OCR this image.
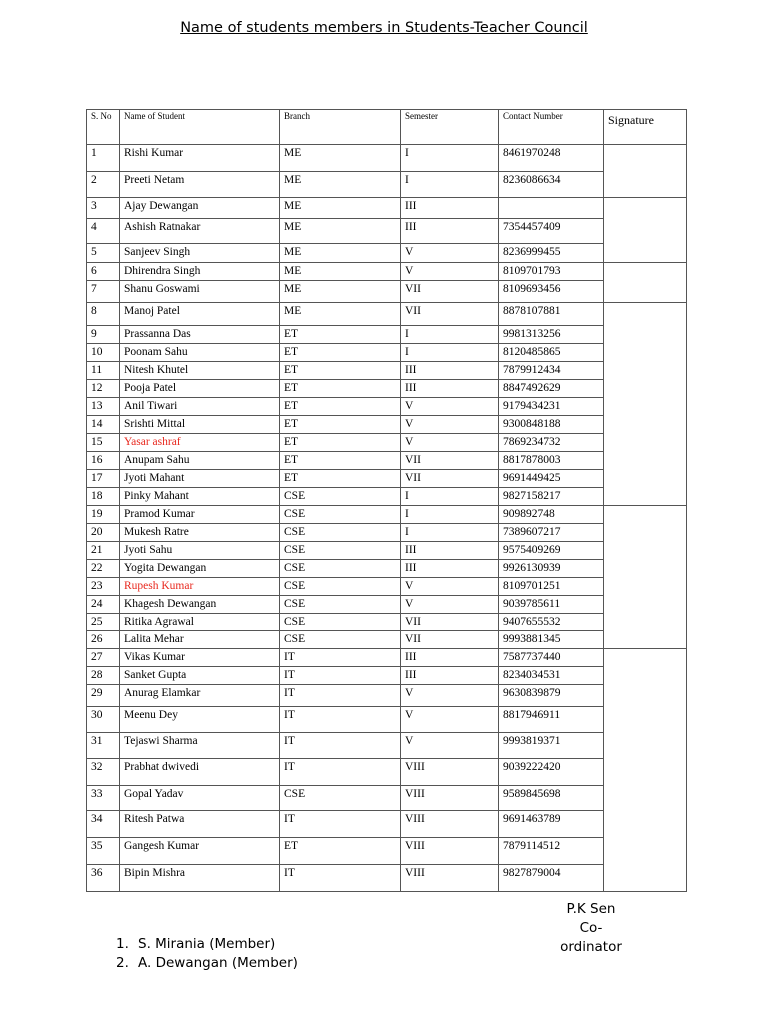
Name of students members in Students-Teacher Council
S. No	Name of Student	Branch	Semester	Contact Number	Signature
1	Rishi Kumar	ME	I	8461970248	
2	Preeti Netam	ME	I	8236086634	
3	Ajay Dewangan	ME	III		
4	Ashish Ratnakar	ME	III	7354457409	
5	Sanjeev Singh	ME	V	8236999455	
6	Dhirendra Singh	ME	V	8109701793	
7	Shanu Goswami	ME	VII	8109693456	
8	Manoj Patel	ME	VII	8878107881	
9	Prassanna Das	ET	I	9981313256	
10	Poonam Sahu	ET	I	8120485865	
11	Nitesh Khutel	ET	III	7879912434	
12	Pooja Patel	ET	III	8847492629	
13	Anil Tiwari	ET	V	9179434231	
14	Srishti Mittal	ET	V	9300848188	
15	Yasar ashraf	ET	V	7869234732	
16	Anupam Sahu	ET	VII	8817878003	
17	Jyoti Mahant	ET	VII	9691449425	
18	Pinky Mahant	CSE	I	9827158217	
19	Pramod Kumar	CSE	I	909892748	
20	Mukesh Ratre	CSE	I	7389607217	
21	Jyoti Sahu	CSE	III	9575409269	
22	Yogita Dewangan	CSE	III	9926130939	
23	Rupesh Kumar	CSE	V	8109701251	
24	Khagesh Dewangan	CSE	V	9039785611	
25	Ritika Agrawal	CSE	VII	9407655532	
26	Lalita Mehar	CSE	VII	9993881345	
27	Vikas Kumar	IT	III	7587737440	
28	Sanket Gupta	IT	III	8234034531	
29	Anurag Elamkar	IT	V	9630839879	
30	Meenu Dey	IT	V	8817946911	
31	Tejaswi Sharma	IT	V	9993819371	
32	Prabhat dwivedi	IT	VIII	9039222420	
33	Gopal Yadav	CSE	VIII	9589845698	
34	Ritesh Patwa	IT	VIII	9691463789	
35	Gangesh Kumar	ET	VIII	7879114512	
36	Bipin Mishra	IT	VIII	9827879004	
P.K Sen
Co-ordinator
1. S. Mirania (Member)
2. A. Dewangan (Member)
